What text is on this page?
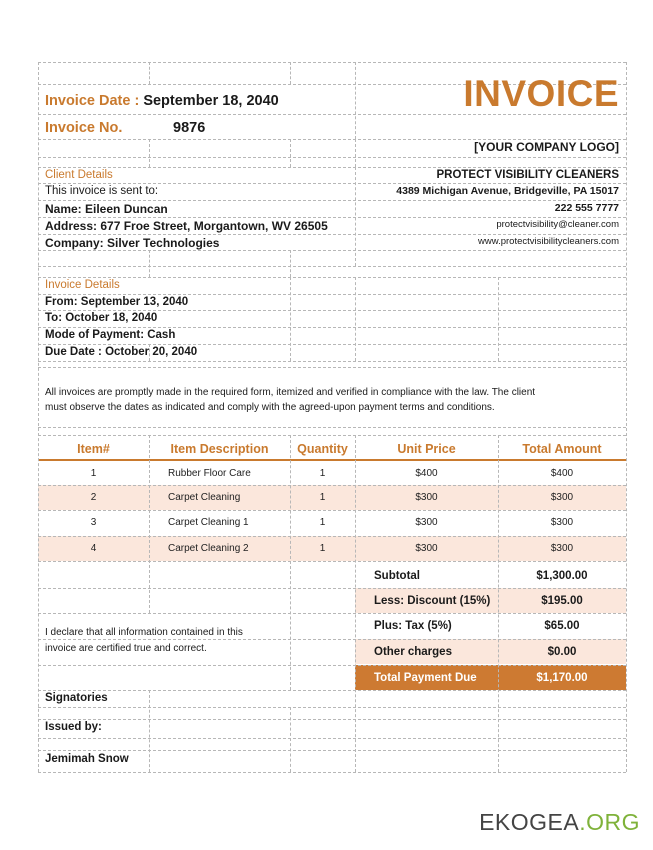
INVOICE
Invoice Date : September 18, 2040
Invoice No.	9876
[YOUR COMPANY LOGO]
PROTECT VISIBILITY CLEANERS
4389 Michigan Avenue, Bridgeville, PA 15017
222 555 7777
protectvisibility@cleaner.com
www.protectvisibilitycleaners.com
Client Details
This invoice is sent to:
Name: Eileen Duncan
Address: 677 Froe Street, Morgantown, WV 26505
Company: Silver Technologies
Invoice Details
From: September 13, 2040
To: October 18, 2040
Mode of Payment: Cash
Due Date : October 20, 2040
All invoices are promptly made in the required form, itemized and verified in compliance with the law. The client
must observe the dates as indicated and comply with the agreed-upon payment terms and conditions.
Item#	Item Description	Quantity	Unit Price	Total Amount
1	Rubber Floor Care	1	$400	$400
2	Carpet Cleaning	1	$300	$300
3	Carpet Cleaning 1	1	$300	$300
4	Carpet Cleaning 2	1	$300	$300
Subtotal	$1,300.00
Less: Discount (15%)	$195.00
Plus: Tax (5%)	$65.00
Other charges	$0.00
Total Payment Due	$1,170.00
I declare that all information contained in this
invoice are certified true and correct.
Signatories
Issued by:
Jemimah Snow
EKOGEA.ORG
